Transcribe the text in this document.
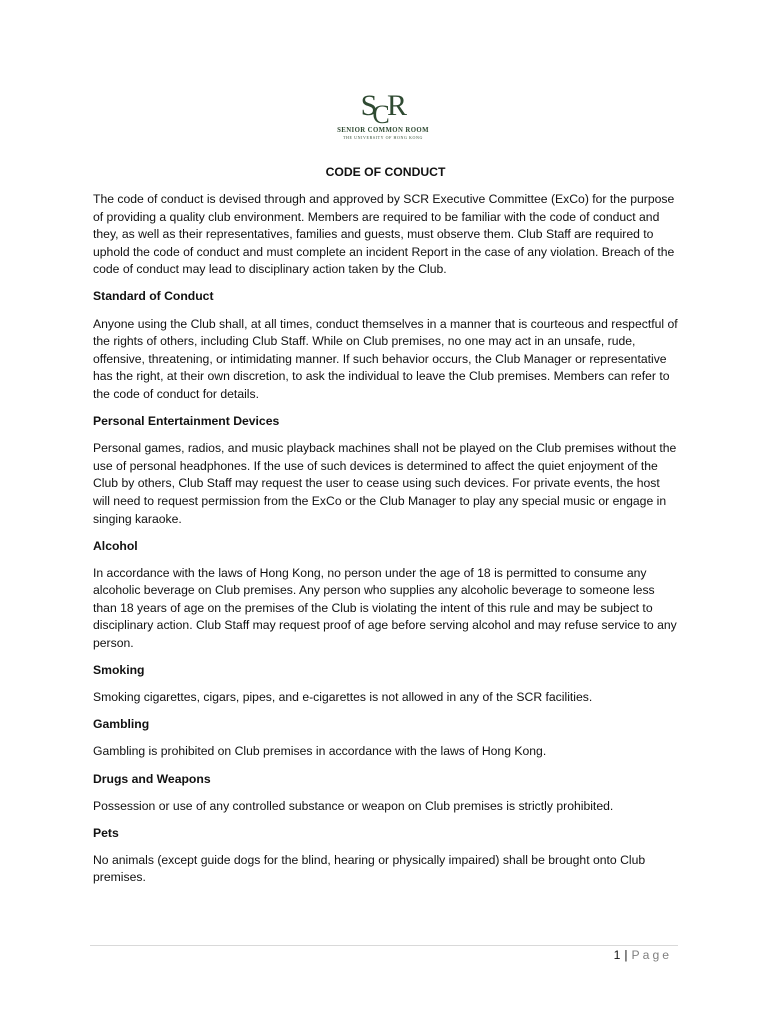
S
C
R
SENIOR COMMON ROOM
THE UNIVERSITY OF HONG KONG
CODE OF CONDUCT

The code of conduct is devised through and approved by SCR Executive Committee (ExCo) for the purpose of providing a quality club environment. Members are required to be familiar with the code of conduct and they, as well as their representatives, families and guests, must observe them. Club Staff are required to uphold the code of conduct and must complete an incident Report in the case of any violation. Breach of the code of conduct may lead to disciplinary action taken by the Club.

Standard of Conduct

Anyone using the Club shall, at all times, conduct themselves in a manner that is courteous and respectful of the rights of others, including Club Staff. While on Club premises, no one may act in an unsafe, rude, offensive, threatening, or intimidating manner. If such behavior occurs, the Club Manager or representative has the right, at their own discretion, to ask the individual to leave the Club premises. Members can refer to the code of conduct for details.

Personal Entertainment Devices

Personal games, radios, and music playback machines shall not be played on the Club premises without the use of personal headphones. If the use of such devices is determined to affect the quiet enjoyment of the Club by others, Club Staff may request the user to cease using such devices. For private events, the host will need to request permission from the ExCo or the Club Manager to play any special music or engage in singing karaoke.

Alcohol

In accordance with the laws of Hong Kong, no person under the age of 18 is permitted to consume any alcoholic beverage on Club premises. Any person who supplies any alcoholic beverage to someone less than 18 years of age on the premises of the Club is violating the intent of this rule and may be subject to disciplinary action. Club Staff may request proof of age before serving alcohol and may refuse service to any person.

Smoking

Smoking cigarettes, cigars, pipes, and e-cigarettes is not allowed in any of the SCR facilities.

Gambling

Gambling is prohibited on Club premises in accordance with the laws of Hong Kong.

Drugs and Weapons

Possession or use of any controlled substance or weapon on Club premises is strictly prohibited.

Pets

No animals (except guide dogs for the blind, hearing or physically impaired) shall be brought onto Club premises.

1 | Page
